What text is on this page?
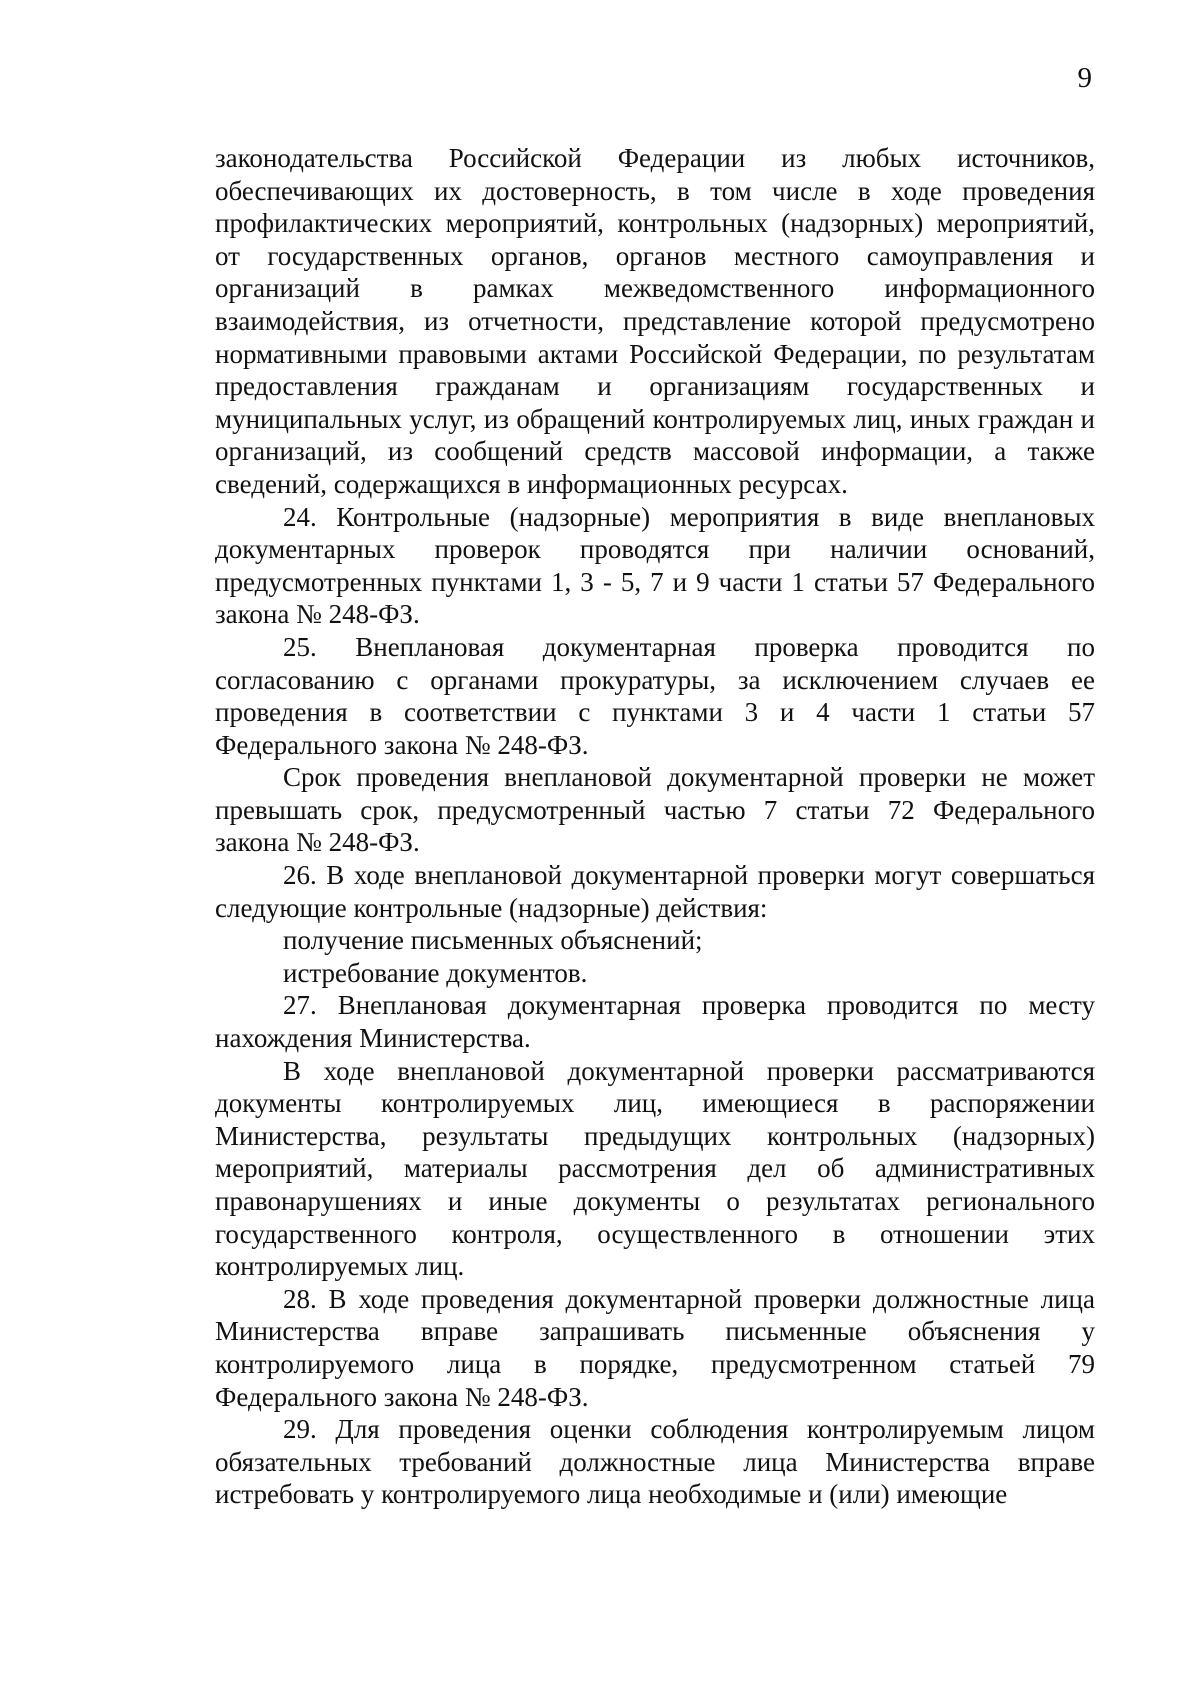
9

законодательства Российской Федерации из любых источников, обеспечивающих их достоверность, в том числе в ходе проведения профилактических мероприятий, контрольных (надзорных) мероприятий, от государственных органов, органов местного самоуправления и организаций в рамках межведомственного информационного взаимодействия, из отчетности, представление которой предусмотрено нормативными правовыми актами Российской Федерации, по результатам предоставления гражданам и организациям государственных и муниципальных услуг, из обращений контролируемых лиц, иных граждан и организаций, из сообщений средств массовой информации, а также сведений, содержащихся в информационных ресурсах.

24. Контрольные (надзорные) мероприятия в виде внеплановых документарных проверок проводятся при наличии оснований, предусмотренных пунктами 1, 3 - 5, 7 и 9 части 1 статьи 57 Федерального закона № 248-ФЗ.

25. Внеплановая документарная проверка проводится по согласованию с органами прокуратуры, за исключением случаев ее проведения в соответствии с пунктами 3 и 4 части 1 статьи 57 Федерального закона № 248-ФЗ.

Срок проведения внеплановой документарной проверки не может превышать срок, предусмотренный частью 7 статьи 72 Федерального закона № 248-ФЗ.

26. В ходе внеплановой документарной проверки могут совершаться следующие контрольные (надзорные) действия:

получение письменных объяснений;

истребование документов.

27. Внеплановая документарная проверка проводится по месту нахождения Министерства.

В ходе внеплановой документарной проверки рассматриваются документы контролируемых лиц, имеющиеся в распоряжении Министерства, результаты предыдущих контрольных (надзорных) мероприятий, материалы рассмотрения дел об административных правонарушениях и иные документы о результатах регионального государственного контроля, осуществленного в отношении этих контролируемых лиц.

28. В ходе проведения документарной проверки должностные лица Министерства вправе запрашивать письменные объяснения у контролируемого лица в порядке, предусмотренном статьей 79 Федерального закона № 248-ФЗ.

29. Для проведения оценки соблюдения контролируемым лицом обязательных требований должностные лица Министерства вправе истребовать у контролируемого лица необходимые и (или) имеющие
